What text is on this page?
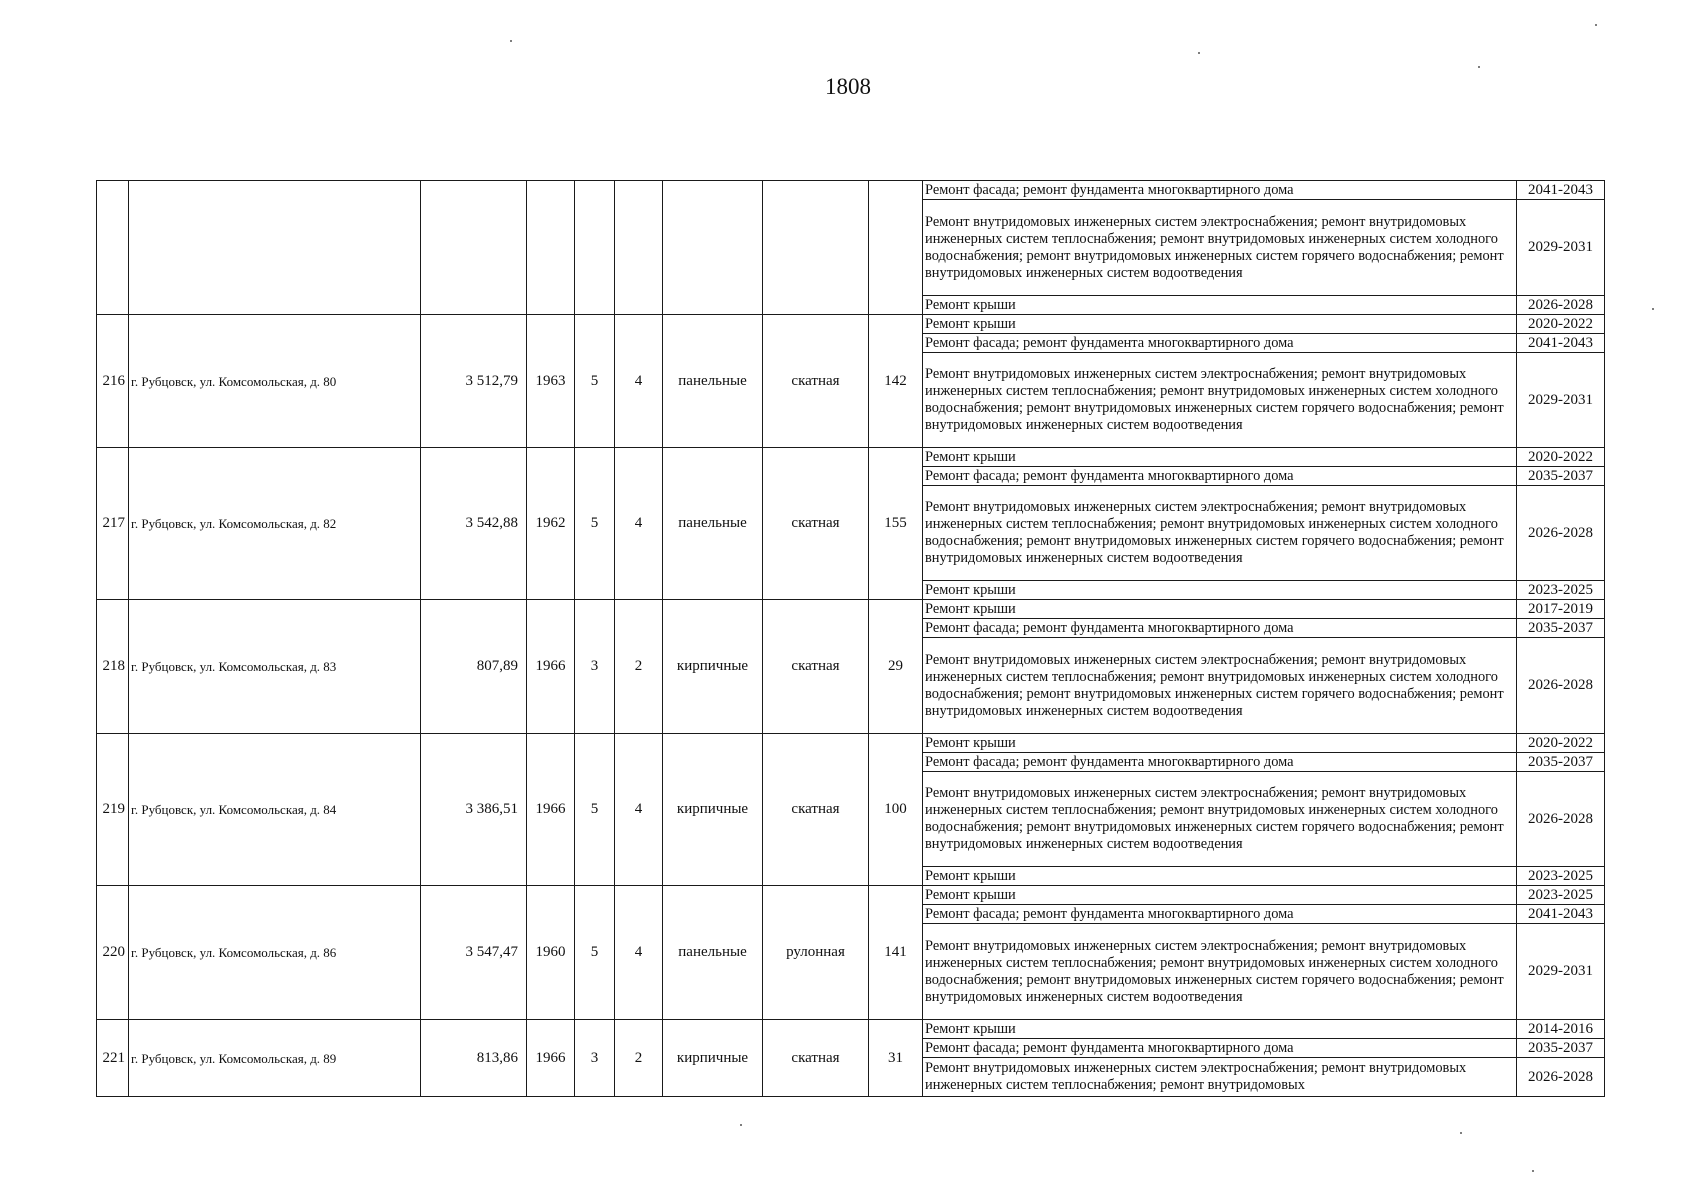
1808
									Ремонт фасада; ремонт фундамента многоквартирного дома	2041-2043
									Ремонт внутридомовых инженерных систем электроснабжения; ремонт внутридомовых инженерных систем теплоснабжения; ремонт внутридомовых инженерных систем холодного водоснабжения; ремонт внутридомовых инженерных систем горячего водоснабжения; ремонт внутридомовых инженерных систем водоотведения	2029-2031
									Ремонт крыши	2026-2028
216	г. Рубцовск, ул. Комсомольская, д. 80	3 512,79	1963	5	4	панельные	скатная	142	Ремонт крыши	2020-2022
									Ремонт фасада; ремонт фундамента многоквартирного дома	2041-2043
									Ремонт внутридомовых инженерных систем электроснабжения; ремонт внутридомовых инженерных систем теплоснабжения; ремонт внутридомовых инженерных систем холодного водоснабжения; ремонт внутридомовых инженерных систем горячего водоснабжения; ремонт внутридомовых инженерных систем водоотведения	2029-2031
217	г. Рубцовск, ул. Комсомольская, д. 82	3 542,88	1962	5	4	панельные	скатная	155	Ремонт крыши	2020-2022
									Ремонт фасада; ремонт фундамента многоквартирного дома	2035-2037
									Ремонт внутридомовых инженерных систем электроснабжения; ремонт внутридомовых инженерных систем теплоснабжения; ремонт внутридомовых инженерных систем холодного водоснабжения; ремонт внутридомовых инженерных систем горячего водоснабжения; ремонт внутридомовых инженерных систем водоотведения	2026-2028
									Ремонт крыши	2023-2025
218	г. Рубцовск, ул. Комсомольская, д. 83	807,89	1966	3	2	кирпичные	скатная	29	Ремонт крыши	2017-2019
									Ремонт фасада; ремонт фундамента многоквартирного дома	2035-2037
									Ремонт внутридомовых инженерных систем электроснабжения; ремонт внутридомовых инженерных систем теплоснабжения; ремонт внутридомовых инженерных систем холодного водоснабжения; ремонт внутридомовых инженерных систем горячего водоснабжения; ремонт внутридомовых инженерных систем водоотведения	2026-2028
219	г. Рубцовск, ул. Комсомольская, д. 84	3 386,51	1966	5	4	кирпичные	скатная	100	Ремонт крыши	2020-2022
									Ремонт фасада; ремонт фундамента многоквартирного дома	2035-2037
									Ремонт внутридомовых инженерных систем электроснабжения; ремонт внутридомовых инженерных систем теплоснабжения; ремонт внутридомовых инженерных систем холодного водоснабжения; ремонт внутридомовых инженерных систем горячего водоснабжения; ремонт внутридомовых инженерных систем водоотведения	2026-2028
									Ремонт крыши	2023-2025
220	г. Рубцовск, ул. Комсомольская, д. 86	3 547,47	1960	5	4	панельные	рулонная	141	Ремонт крыши	2023-2025
									Ремонт фасада; ремонт фундамента многоквартирного дома	2041-2043
									Ремонт внутридомовых инженерных систем электроснабжения; ремонт внутридомовых инженерных систем теплоснабжения; ремонт внутридомовых инженерных систем холодного водоснабжения; ремонт внутридомовых инженерных систем горячего водоснабжения; ремонт внутридомовых инженерных систем водоотведения	2029-2031
221	г. Рубцовск, ул. Комсомольская, д. 89	813,86	1966	3	2	кирпичные	скатная	31	Ремонт крыши	2014-2016
									Ремонт фасада; ремонт фундамента многоквартирного дома	2035-2037
									Ремонт внутридомовых инженерных систем электроснабжения; ремонт внутридомовых инженерных систем теплоснабжения; ремонт внутридомовых	2026-2028
